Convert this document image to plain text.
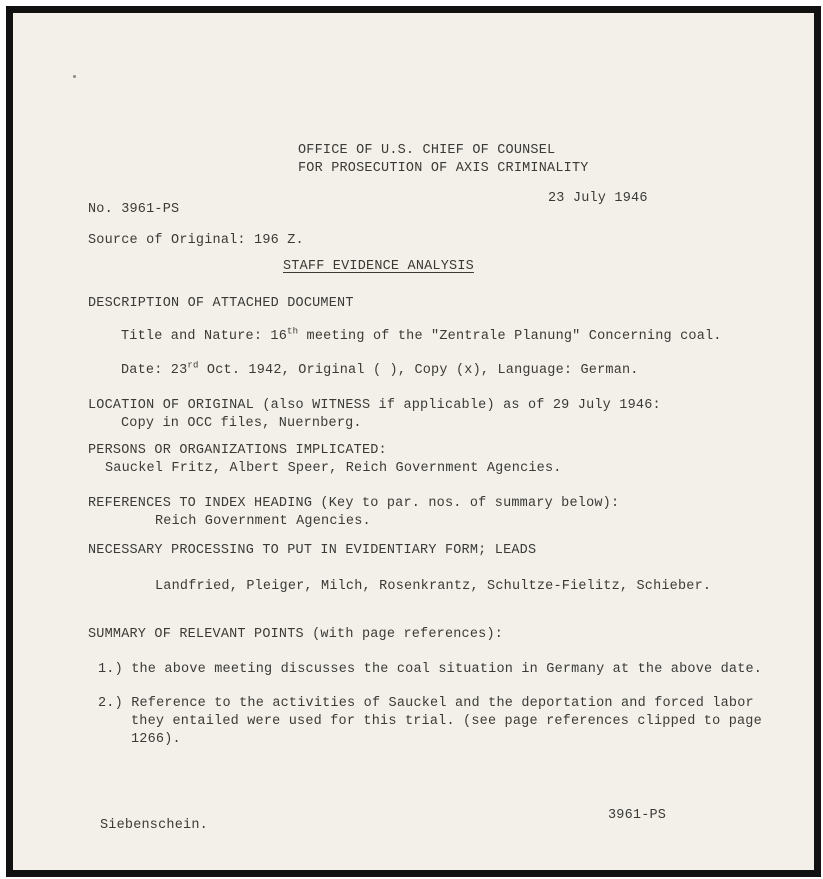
OFFICE OF U.S. CHIEF OF COUNSEL
FOR PROSECUTION OF AXIS CRIMINALITY
23 July 1946
No. 3961-PS
Source of Original: 196 Z.
STAFF EVIDENCE ANALYSIS
DESCRIPTION OF ATTACHED DOCUMENT
Title and Nature: 16th meeting of the "Zentrale Planung" Concerning coal.
Date: 23rd Oct. 1942, Original ( ), Copy (x), Language: German.
LOCATION OF ORIGINAL (also WITNESS if applicable) as of 29 July 1946:
Copy in OCC files, Nuernberg.
PERSONS OR ORGANIZATIONS IMPLICATED:
Sauckel Fritz, Albert Speer, Reich Government Agencies.
REFERENCES TO INDEX HEADING (Key to par. nos. of summary below):
Reich Government Agencies.
NECESSARY PROCESSING TO PUT IN EVIDENTIARY FORM; LEADS
Landfried, Pleiger, Milch, Rosenkrantz, Schultze-Fielitz, Schieber.
SUMMARY OF RELEVANT POINTS (with page references):
1.) the above meeting discusses the coal situation in Germany at the above date.
2.) Reference to the activities of Sauckel and the deportation and forced labor
they entailed were used for this trial. (see page references clipped to page
1266).
Siebenschein.
3961-PS
